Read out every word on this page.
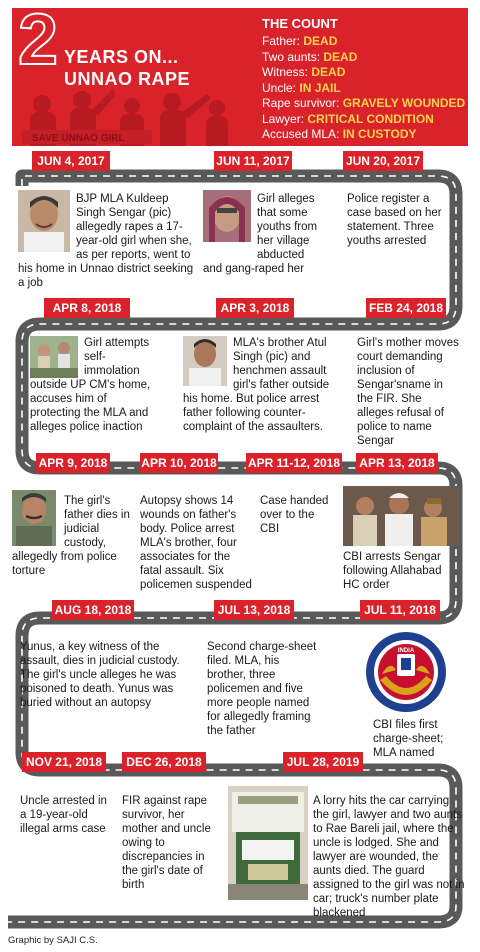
2 YEARS ON...
UNNAO RAPE
SAVE UNNAO GIRL
THE COUNT
Father: DEAD
Two aunts: DEAD
Witness: DEAD
Uncle: IN JAIL
Rape survivor: GRAVELY WOUNDED
Lawyer: CRITICAL CONDITION
Accused MLA: IN CUSTODY
JUN 4, 2017	JUN 11, 2017	JUN 20, 2017
BJP MLA Kuldeep Singh Sengar (pic) allegedly rapes a 17-year-old girl when she, as per reports, went to his home in Unnao district seeking a job
Girl alleges that some youths from her village abducted and gang-raped her
Police register a case based on her statement. Three youths arrested
APR 8, 2018	APR 3, 2018	FEB 24, 2018
Girl attempts self-immolation outside UP CM's home, accuses him of protecting the MLA and alleges police inaction
MLA's brother Atul Singh (pic) and henchmen assault girl's father outside his home. But police arrest father following counter-complaint of the assaulters.
Girl's mother moves court demanding inclusion of Sengar'sname in the FIR. She alleges refusal of police to name Sengar
APR 9, 2018	APR 10, 2018	APR 11-12, 2018 APR 13, 2018
The girl's father dies in judicial custody, allegedly from police torture
Autopsy shows 14 wounds on father's body. Police arrest MLA's brother, four associates for the fatal assault. Six policemen suspended
Case handed over to the CBI
CBI arrests Sengar following Allahabad HC order
AUG 18, 2018	JUL 13, 2018	JUL 11, 2018
Yunus, a key witness of the assault, dies in judicial custody. The girl's uncle alleges he was poisoned to death. Yunus was buried without an autopsy
Second charge-sheet filed. MLA, his brother, three policemen and five more people named for allegedly framing the father
INDIA
CBI files first charge-sheet; MLA named
NOV 21, 2018	DEC 26, 2018	JUL 28, 2019
Uncle arrested in a 19-year-old illegal arms case
FIR against rape survivor, her mother and uncle owing to discrepancies in the girl's date of birth
A lorry hits the car carrying the girl, lawyer and two aunts to Rae Bareli jail, where the uncle is lodged. She and lawyer are wounded, the aunts died. The guard assigned to the girl was not in car; truck's number plate blackened
Graphic by SAJI C.S.
